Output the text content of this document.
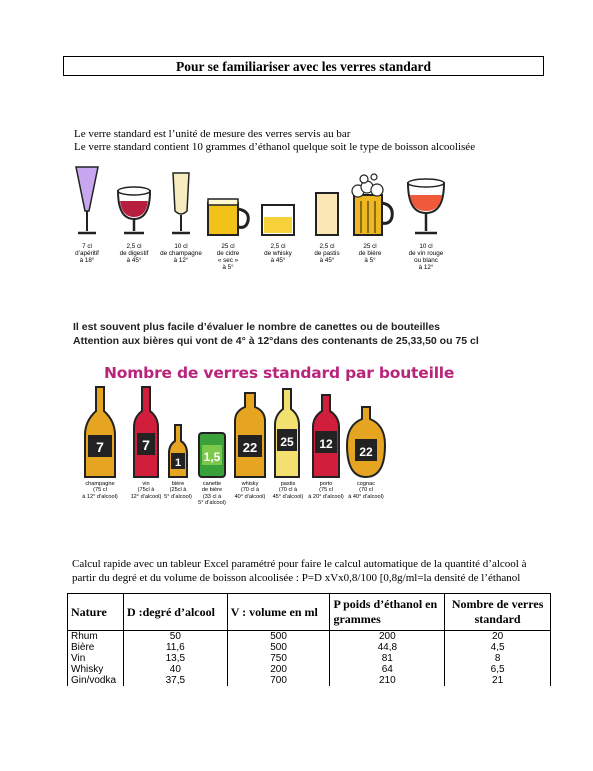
Pour se familiariser avec les verres standard
Le verre standard est l’unité de mesure des verres servis au bar
Le verre standard contient 10 grammes d’éthanol quelque soit le type de boisson alcoolisée
7 cl
d’apéritif
à 18°
2,5 cl
de digestif
à 45°
10 cl
de champagne
à 12°
25 cl
de cidre
« sec »
à 5°
2,5 cl
de whisky
à 45°
2,5 cl
de pastis
à 45°
25 cl
de bière
à 5°
10 cl
de vin rouge
ou blanc
à 12°
Il est souvent plus facile d’évaluer le nombre de canettes ou de bouteilles
Attention aux bières qui vont de 4° à 12°dans des contenants de 25,33,50 ou 75 cl
Nombre de verres standard par bouteille
7	7
1 1,5
22 25 12
22
champagne
(75 cl
à 12° d’alcool)
vin
(75cl à
12° d’alcool)
bière
(25cl à
5° d’alcool)
canette
de bière
(33 cl à
5° d’alcool)
whisky
(70 cl à
40° d’alcool)
pastis
(70 cl à
45° d’alcool)
porto
(75 cl
à 20° d’alcool)
cognac
(70 cl
à 40° d’alcool)
Calcul rapide avec un tableur Excel paramétré pour faire le calcul automatique de la quantité d’alcool à
partir du degré et du volume de boisson alcoolisée : P=D xVx0,8/100 [0,8g/ml=la densité de l’éthanol
Nature	D :degré d’alcool	V : volume en ml	P poids d’éthanol en grammes	Nombre de verres standard
Rhum	50	500	200	20
Bière	11,6	500	44,8	4,5
Vin	13,5	750	81	8
Whisky	40	200	64	6,5
Gin/vodka	37,5	700	210	21
